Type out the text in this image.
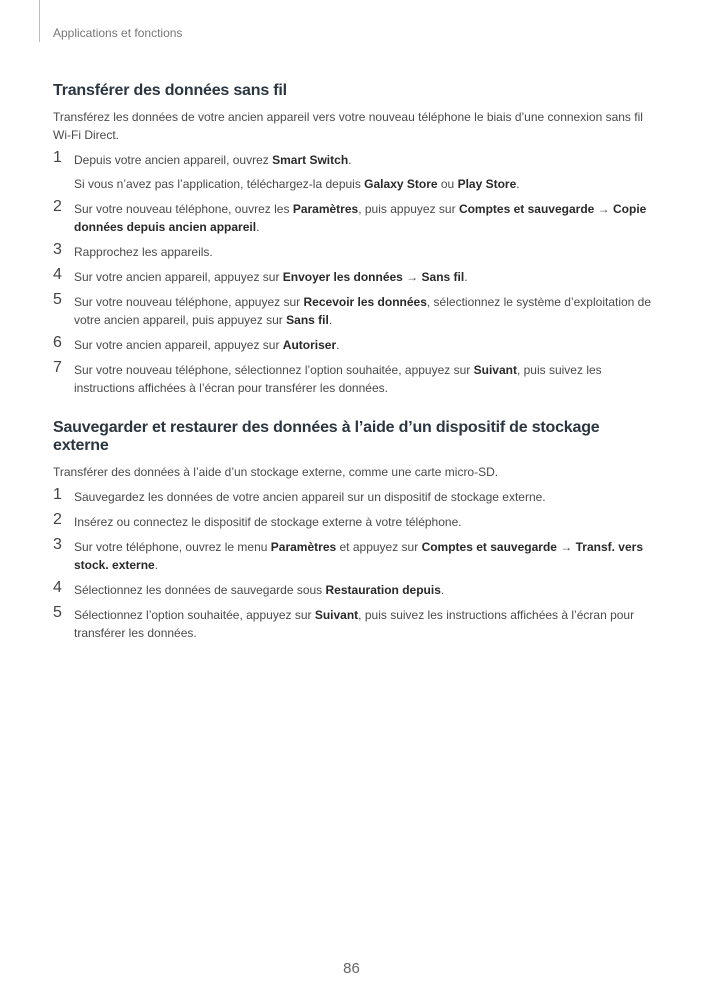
Applications et fonctions
Transférer des données sans fil

Transférez les données de votre ancien appareil vers votre nouveau téléphone le biais d’une connexion sans fil Wi-Fi Direct.

1 Depuis votre ancien appareil, ouvrez Smart Switch.
Si vous n’avez pas l’application, téléchargez-la depuis Galaxy Store ou Play Store.
2 Sur votre nouveau téléphone, ouvrez les Paramètres, puis appuyez sur Comptes et sauvegarde → Copie données depuis ancien appareil.
3 Rapprochez les appareils.
4 Sur votre ancien appareil, appuyez sur Envoyer les données → Sans fil.
5 Sur votre nouveau téléphone, appuyez sur Recevoir les données, sélectionnez le système d’exploitation de votre ancien appareil, puis appuyez sur Sans fil.
6 Sur votre ancien appareil, appuyez sur Autoriser.
7 Sur votre nouveau téléphone, sélectionnez l’option souhaitée, appuyez sur Suivant, puis suivez les instructions affichées à l’écran pour transférer les données.
Sauvegarder et restaurer des données à l’aide d’un dispositif de stockage externe

Transférer des données à l’aide d’un stockage externe, comme une carte micro-SD.

1 Sauvegardez les données de votre ancien appareil sur un dispositif de stockage externe.
2 Insérez ou connectez le dispositif de stockage externe à votre téléphone.
3 Sur votre téléphone, ouvrez le menu Paramètres et appuyez sur Comptes et sauvegarde → Transf. vers stock. externe.
4 Sélectionnez les données de sauvegarde sous Restauration depuis.
5 Sélectionnez l’option souhaitée, appuyez sur Suivant, puis suivez les instructions affichées à l’écran pour transférer les données.
86
